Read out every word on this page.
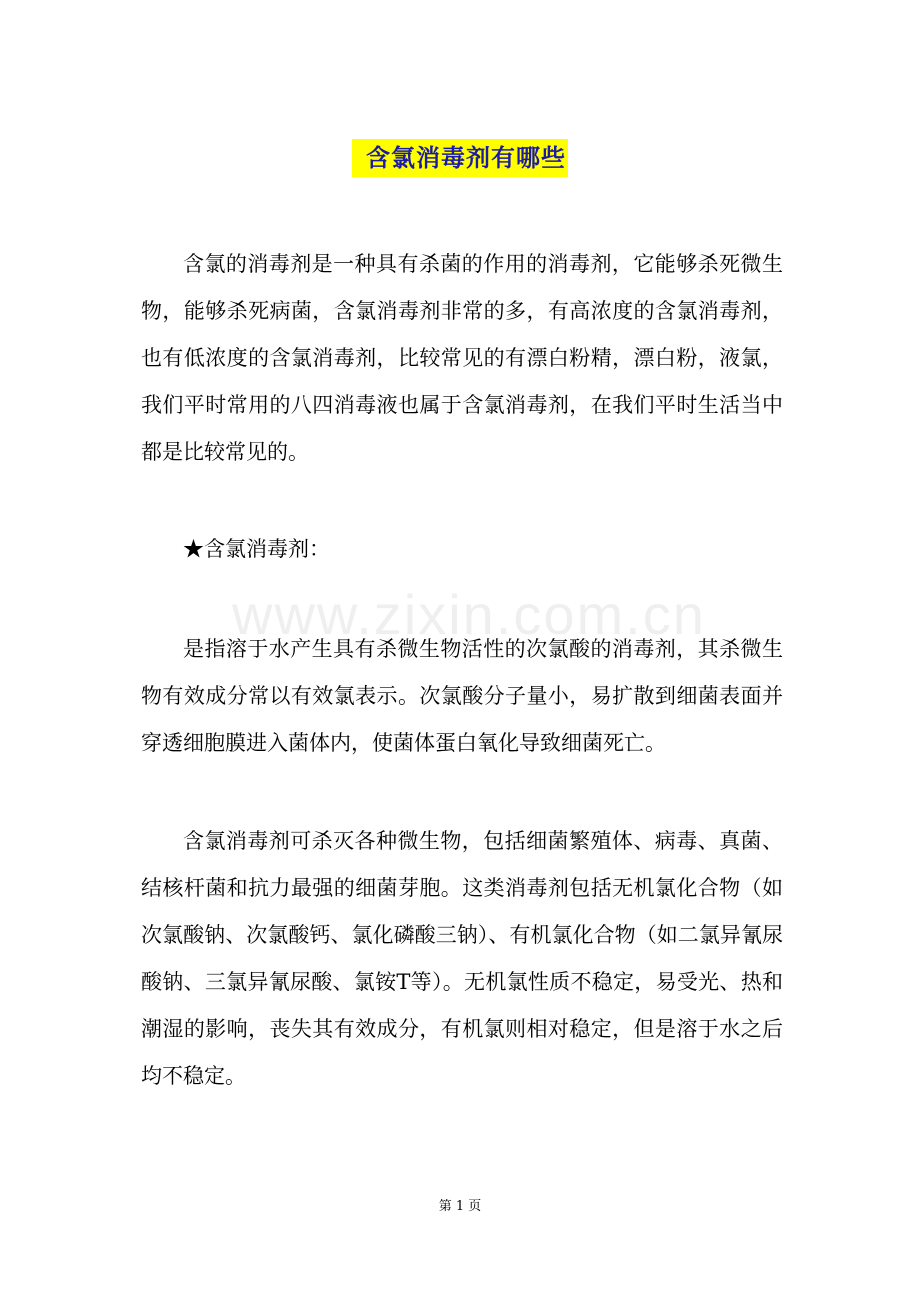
含氯消毒剂有哪些

含氯的消毒剂是一种具有杀菌的作用的消毒剂，它能够杀死微生物，能够杀死病菌，含氯消毒剂非常的多，有高浓度的含氯消毒剂，也有低浓度的含氯消毒剂，比较常见的有漂白粉精，漂白粉，液氯，我们平时常用的八四消毒液也属于含氯消毒剂，在我们平时生活当中都是比较常见的。

★含氯消毒剂：

www.zixin.com.cn

是指溶于水产生具有杀微生物活性的次氯酸的消毒剂，其杀微生物有效成分常以有效氯表示。次氯酸分子量小，易扩散到细菌表面并穿透细胞膜进入菌体内，使菌体蛋白氧化导致细菌死亡。

含氯消毒剂可杀灭各种微生物，包括细菌繁殖体、病毒、真菌、结核杆菌和抗力最强的细菌芽胞。这类消毒剂包括无机氯化合物（如次氯酸钠、次氯酸钙、氯化磷酸三钠）、有机氯化合物（如二氯异氰尿酸钠、三氯异氰尿酸、氯铵T等）。无机氯性质不稳定，易受光、热和潮湿的影响，丧失其有效成分，有机氯则相对稳定，但是溶于水之后均不稳定。

第 1 页
